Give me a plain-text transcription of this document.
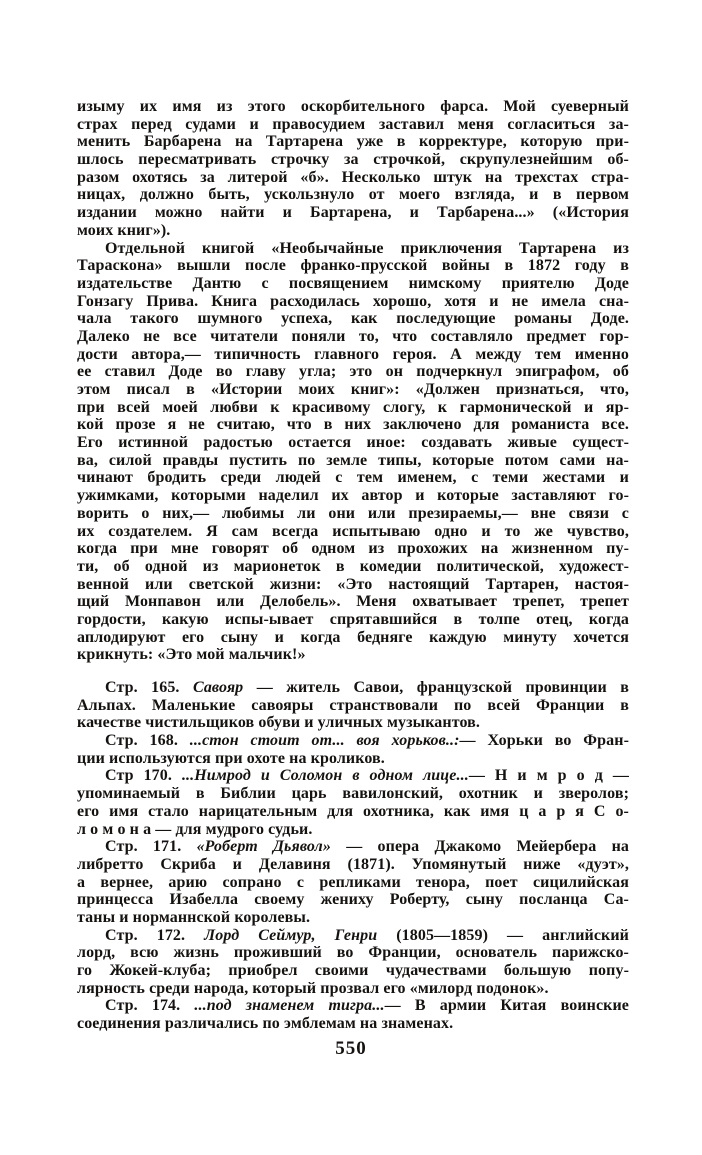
изыму их имя из этого оскорбительного фарса. Мой суеверный
страх перед судами и правосудием заставил меня согласиться за-
менить Барбарена на Тартарена уже в корректуре, которую при-
шлось пересматривать строчку за строчкой, скрупулезнейшим об-
разом охотясь за литерой «б». Несколько штук на трехстах стра-
ницах, должно быть, ускользнуло от моего взгляда, и в первом
издании можно найти и Бартарена, и Тарбарена...» («История
моих книг»).
Отдельной книгой «Необычайные приключения Тартарена из
Тараскона» вышли после франко-прусской войны в 1872 году в
издательстве Дантю с посвящением нимскому приятелю Доде
Гонзагу Прива. Книга расходилась хорошо, хотя и не имела сна-
чала такого шумного успеха, как последующие романы Доде.
Далеко не все читатели поняли то, что составляло предмет гор-
дости автора,— типичность главного героя. А между тем именно
ее ставил Доде во главу угла; это он подчеркнул эпиграфом, об
этом писал в «Истории моих книг»: «Должен признаться, что,
при всей моей любви к красивому слогу, к гармонической и яр-
кой прозе я не считаю, что в них заключено для романиста все.
Его истинной радостью остается иное: создавать живые сущест-
ва, силой правды пустить по земле типы, которые потом сами на-
чинают бродить среди людей с тем именем, с теми жестами и
ужимками, которыми наделил их автор и которые заставляют го-
ворить о них,— любимы ли они или презираемы,— вне связи с
их создателем. Я сам всегда испытываю одно и то же чувство,
когда при мне говорят об одном из прохожих на жизненном пу-
ти, об одной из марионеток в комедии политической, художест-
венной или светской жизни: «Это настоящий Тартарен, настоя-
щий Монпавон или Делобель». Меня охватывает трепет, трепет
гордости, какую испы-ывает спрятавшийся в толпе отец, когда
аплодируют его сыну и когда бедняге каждую минуту хочется
крикнуть: «Это мой мальчик!»
Стр. 165. Савояр — житель Савои, французской провинции в
Альпах. Маленькие савояры странствовали по всей Франции в
качестве чистильщиков обуви и уличных музыкантов.
Стр. 168. ...стон стоит от... воя хорьков..:— Хорьки во Фран-
ции используются при охоте на кроликов.
Стр 170. ...Нимрод и Соломон в одном лице...— Н и м р о д —
упоминаемый в Библии царь вавилонский, охотник и зверолов;
его имя стало нарицательным для охотника, как имя ц а р я С о-
л о м о н а — для мудрого судьи.
Стр. 171. «Роберт Дьявол» — опера Джакомо Мейербера на
либретто Скриба и Делавиня (1871). Упомянутый ниже «дуэт»,
а вернее, арию сопрано с репликами тенора, поет сицилийская
принцесса Изабелла своему жениху Роберту, сыну посланца Са-
таны и норманнской королевы.
Стр. 172. Лорд Сеймур, Генри (1805—1859) — английский
лорд, всю жизнь проживший во Франции, основатель парижско-
го Жокей-клуба; приобрел своими чудачествами большую попу-
лярность среди народа, который прозвал его «милорд подонок».
Стр. 174. ...под знаменем тигра...— В армии Китая воинские
соединения различались по эмблемам на знаменах.
550
